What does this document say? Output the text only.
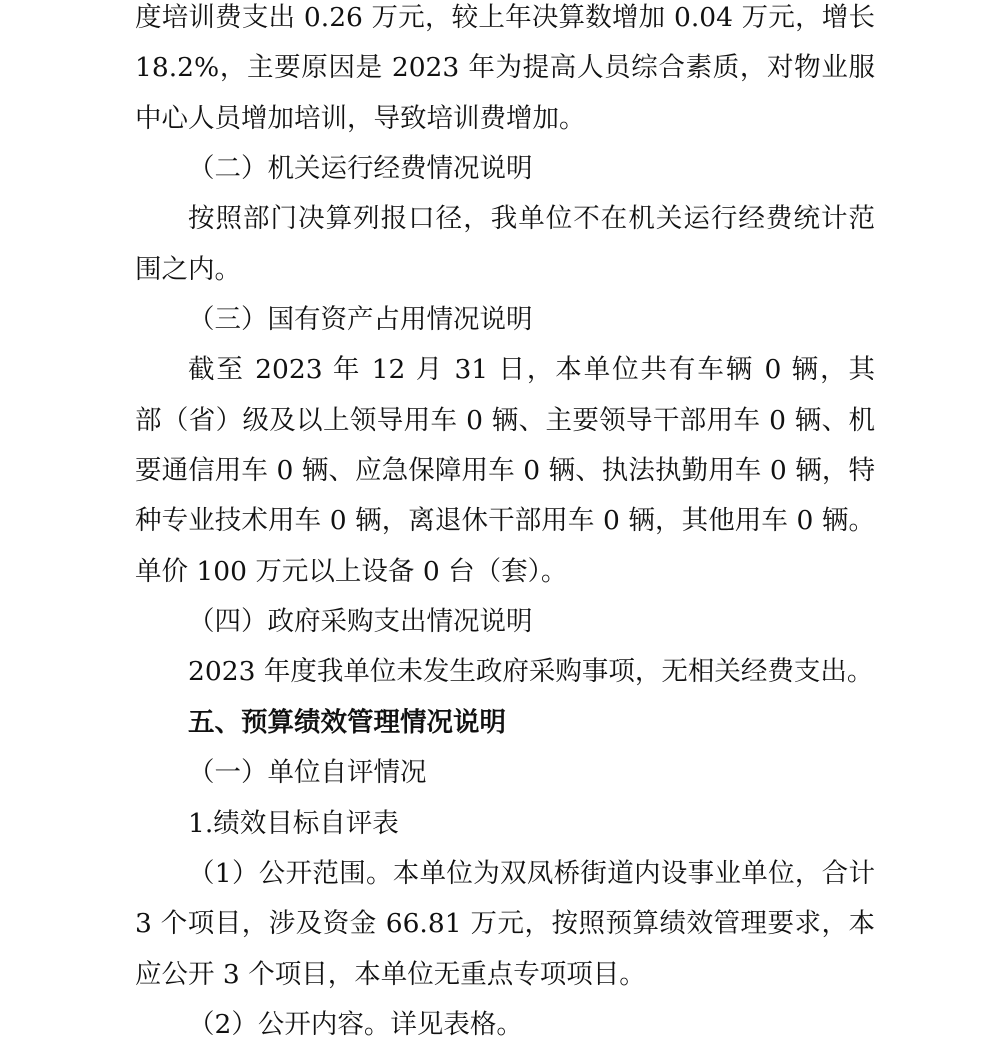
度培训费支出 0.26 万元，较上年决算数增加 0.04 万元，增长
18.2%，主要原因是 2023 年为提高人员综合素质，对物业服
中心人员增加培训，导致培训费增加。
（二）机关运行经费情况说明
按照部门决算列报口径，我单位不在机关运行经费统计范
围之内。
（三）国有资产占用情况说明
截至 2023 年 12 月 31 日，本单位共有车辆 0 辆，其
部（省）级及以上领导用车 0 辆、主要领导干部用车 0 辆、机
要通信用车 0 辆、应急保障用车 0 辆、执法执勤用车 0 辆，特
种专业技术用车 0 辆，离退休干部用车 0 辆，其他用车 0 辆。
单价 100 万元以上设备 0 台（套）。
（四）政府采购支出情况说明
2023 年度我单位未发生政府采购事项，无相关经费支出。
五、预算绩效管理情况说明
（一）单位自评情况
1.绩效目标自评表
（1）公开范围。本单位为双凤桥街道内设事业单位，合计
3 个项目，涉及资金 66.81 万元，按照预算绩效管理要求，本
应公开 3 个项目，本单位无重点专项项目。
（2）公开内容。详见表格。
